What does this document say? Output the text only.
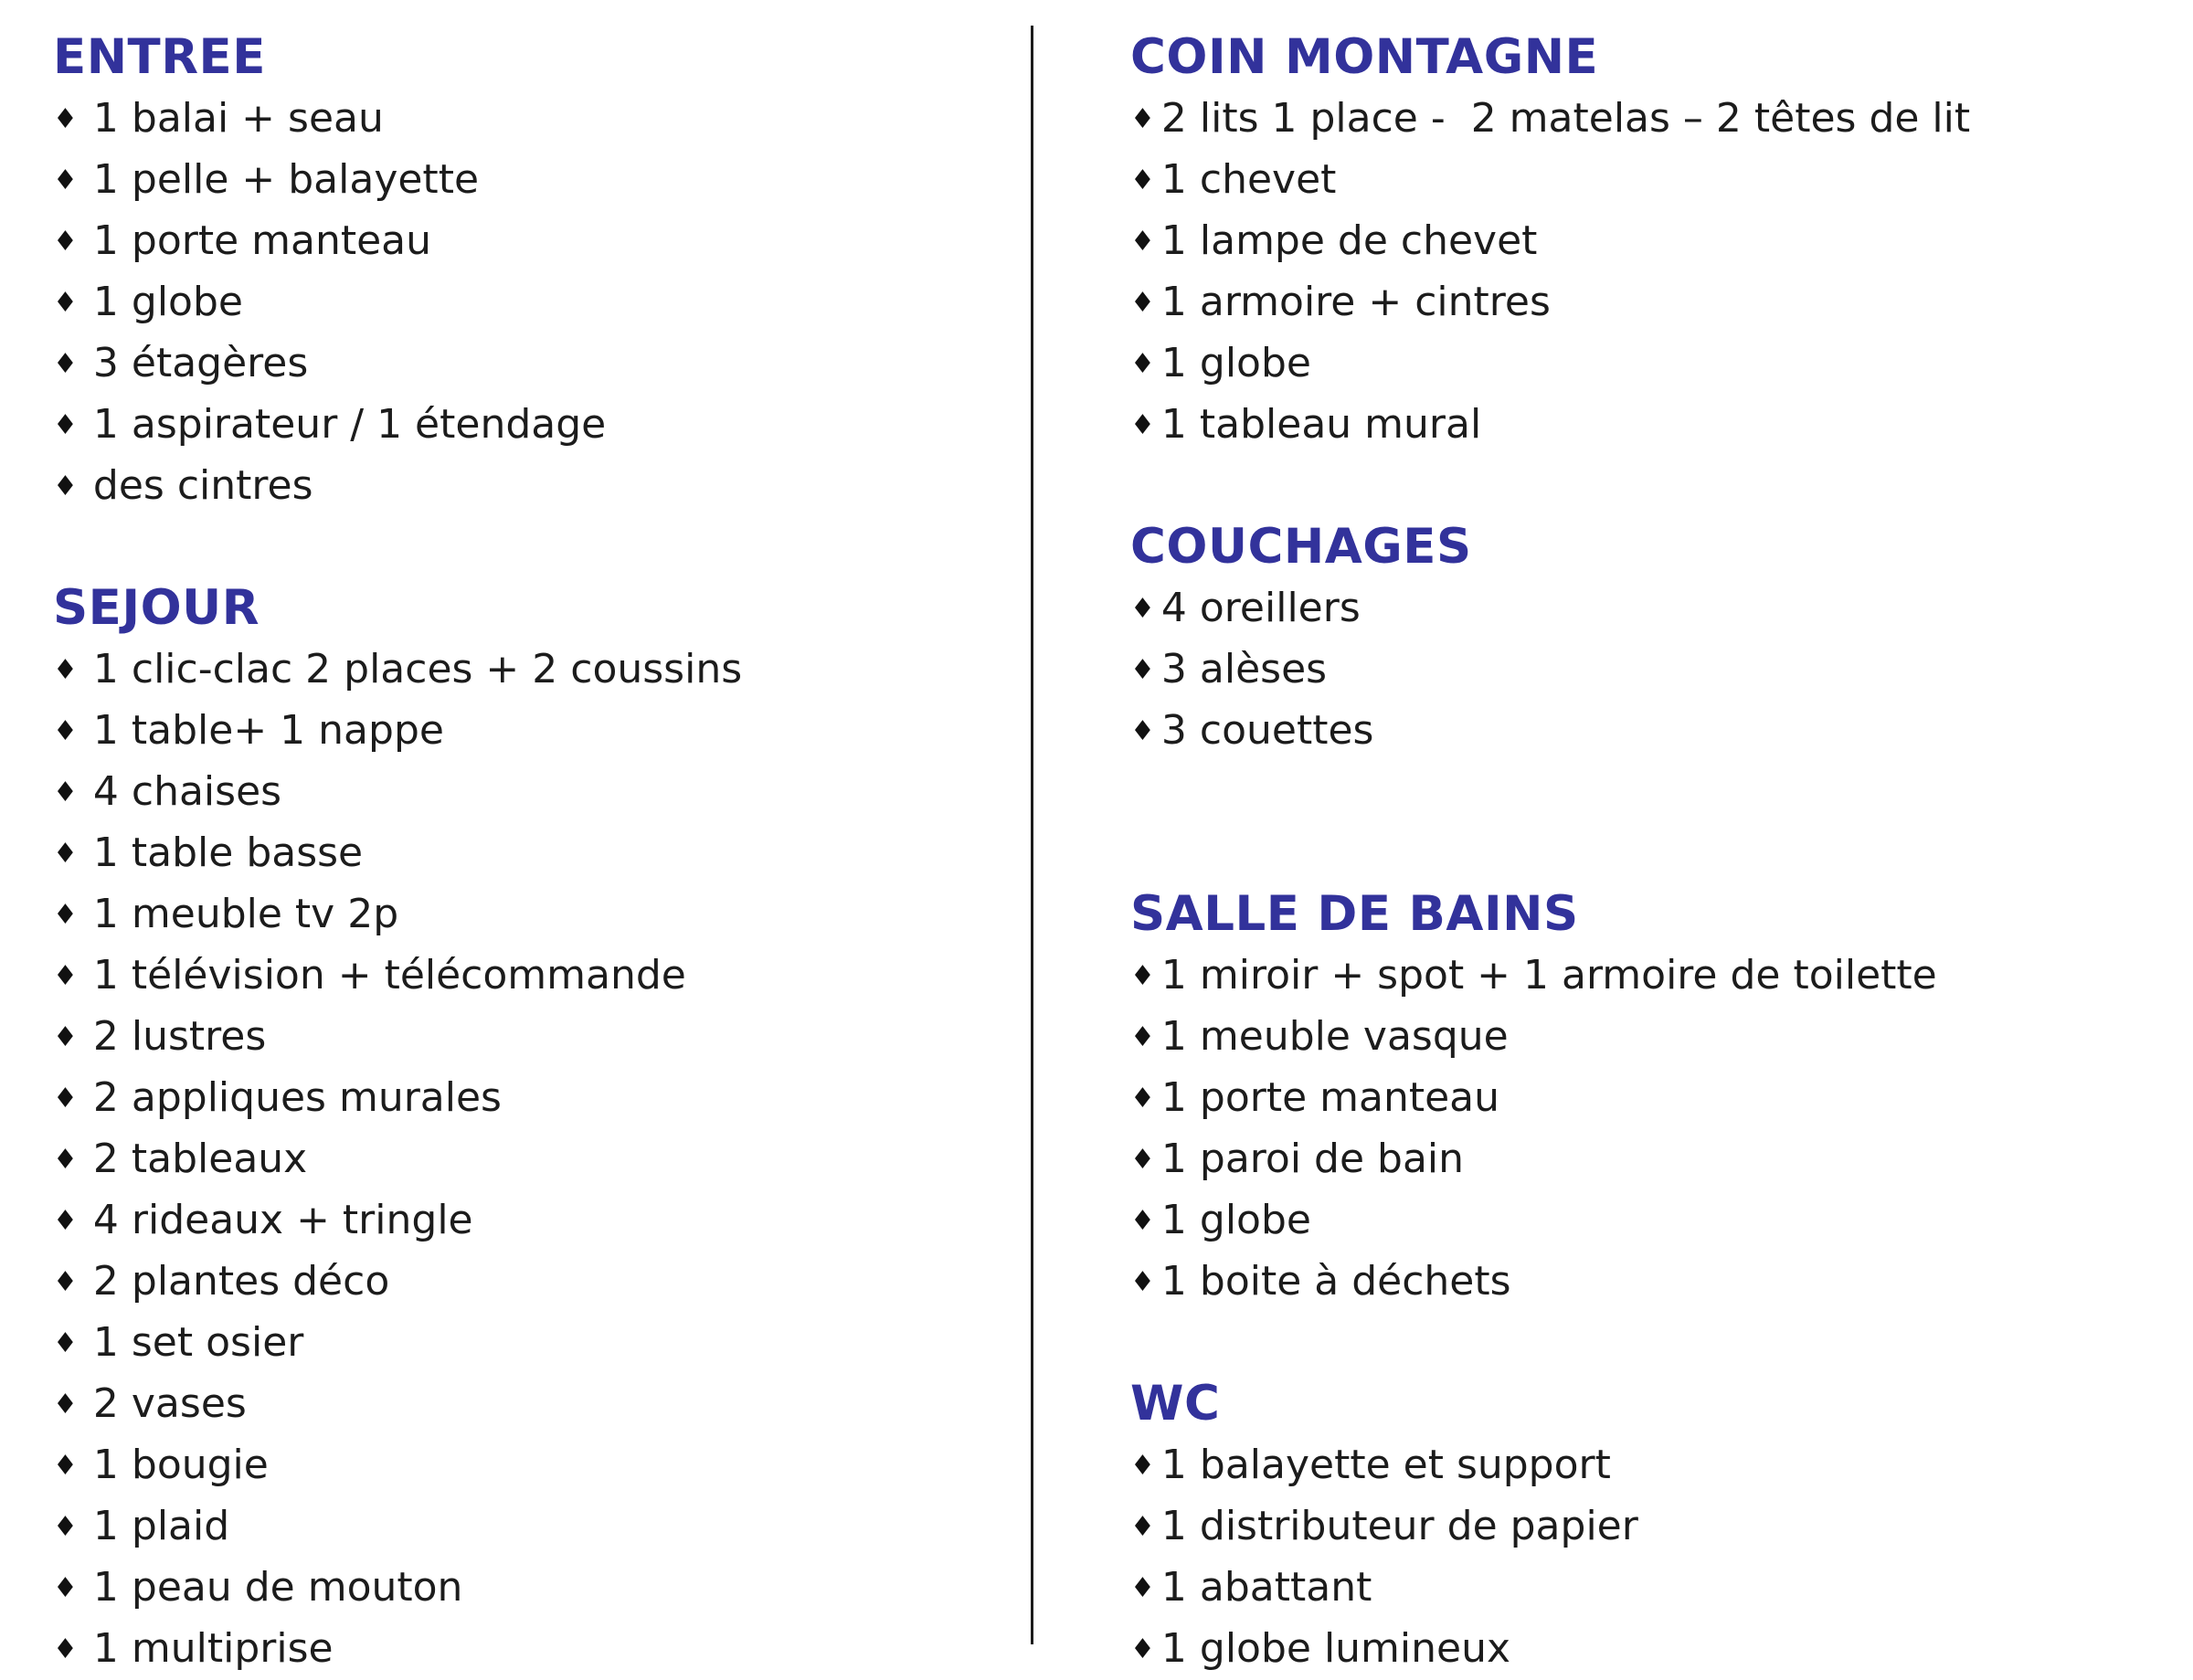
ENTREE
♦ 1 balai + seau
♦ 1 pelle + balayette
♦ 1 porte manteau
♦ 1 globe
♦ 3 étagères
♦ 1 aspirateur / 1 étendage
♦ des cintres
SEJOUR
♦ 1 clic-clac 2 places + 2 coussins
♦ 1 table+ 1 nappe
♦ 4 chaises
♦ 1 table basse
♦ 1 meuble tv 2p
♦ 1 télévision + télécommande
♦ 2 lustres
♦ 2 appliques murales
♦ 2 tableaux
♦ 4 rideaux + tringle
♦ 2 plantes déco
♦ 1 set osier
♦ 2 vases
♦ 1 bougie
♦ 1 plaid
♦ 1 peau de mouton
♦ 1 multiprise
COIN MONTAGNE
♦ 2 lits 1 place -  2 matelas – 2 têtes de lit
♦ 1 chevet
♦ 1 lampe de chevet
♦ 1 armoire + cintres
♦ 1 globe
♦ 1 tableau mural
COUCHAGES
♦ 4 oreillers
♦ 3 alèses
♦ 3 couettes
SALLE DE BAINS
♦ 1 miroir + spot + 1 armoire de toilette
♦ 1 meuble vasque
♦ 1 porte manteau
♦ 1 paroi de bain
♦ 1 globe
♦ 1 boite à déchets
WC
♦ 1 balayette et support
♦ 1 distributeur de papier
♦ 1 abattant
♦ 1 globe lumineux
